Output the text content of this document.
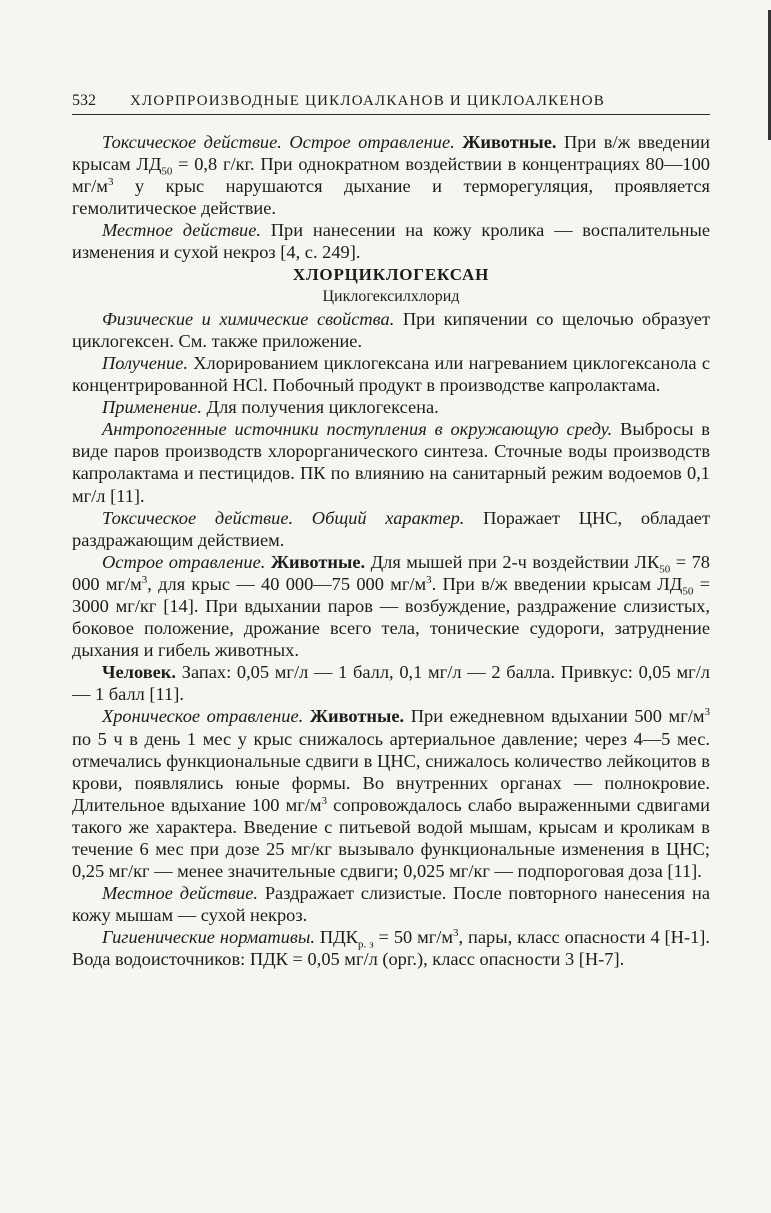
532 ХЛОРПРОИЗВОДНЫЕ ЦИКЛОАЛКАНОВ И ЦИКЛОАЛКЕНОВ

Токсическое действие. Острое отравление. Животные. При в/ж введении крысам $ЛД_{50} = 0,8$ г/кг. При однократном воздействии в концентрациях 80—100 $мг/м^3$ у крыс нарушаются дыхание и терморегуляция, проявляется гемолитическое действие.

Местное действие. При нанесении на кожу кролика — воспалительные изменения и сухой некроз [4, с. 249].

ХЛОРЦИКЛОГЕКСАН

Циклогексилхлорид

Физические и химические свойства. При кипячении со щелочью образует циклогексен. См. также приложение.

Получение. Хлорированием циклогексана или нагреванием циклогексанола с концентрированной HCl. Побочный продукт в производстве капролактама.

Применение. Для получения циклогексена.

Антропогенные источники поступления в окружающую среду. Выбросы в виде паров производств хлорорганического синтеза. Сточные воды производств капролактама и пестицидов. ПК по влиянию на санитарный режим водоемов 0,1 мг/л [11].

Токсическое действие. Общий характер. Поражает ЦНС, обладает раздражающим действием.

Острое отравление. Животные. Для мышей при 2-ч воздействии $ЛК_{50} = 78$ 000 $мг/м^3$, для крыс — 40 000—75 000 $мг/м^3$. При в/ж введении крысам $ЛД_{50} = 3000$ мг/кг [14]. При вдыхании паров — возбуждение, раздражение слизистых, боковое положение, дрожание всего тела, тонические судороги, затруднение дыхания и гибель животных.

Человек. Запах: 0,05 мг/л — 1 балл, 0,1 мг/л — 2 балла. Привкус: 0,05 мг/л — 1 балл [11].

Хроническое отравление. Животные. При ежедневном вдыхании 500 $мг/м^3$ по 5 ч в день 1 мес у крыс снижалось артериальное давление; через 4—5 мес. отмечались функциональные сдвиги в ЦНС, снижалось количество лейкоцитов в крови, появлялись юные формы. Во внутренних органах — полнокровие. Длительное вдыхание 100 $мг/м^3$ сопровождалось слабо выраженными сдвигами такого же характера. Введение с питьевой водой мышам, крысам и кроликам в течение 6 мес при дозе 25 мг/кг вызывало функциональные изменения в ЦНС; 0,25 мг/кг — менее значительные сдвиги; 0,025 мг/кг — подпороговая доза [11].

Местное действие. Раздражает слизистые. После повторного нанесения на кожу мышам — сухой некроз.

Гигиенические нормативы. $ПДК_{р. з} = 50$ $мг/м^3$, пары, класс опасности 4 [Н-1]. Вода водоисточников: ПДК = 0,05 мг/л (орг.), класс опасности 3 [Н-7].
